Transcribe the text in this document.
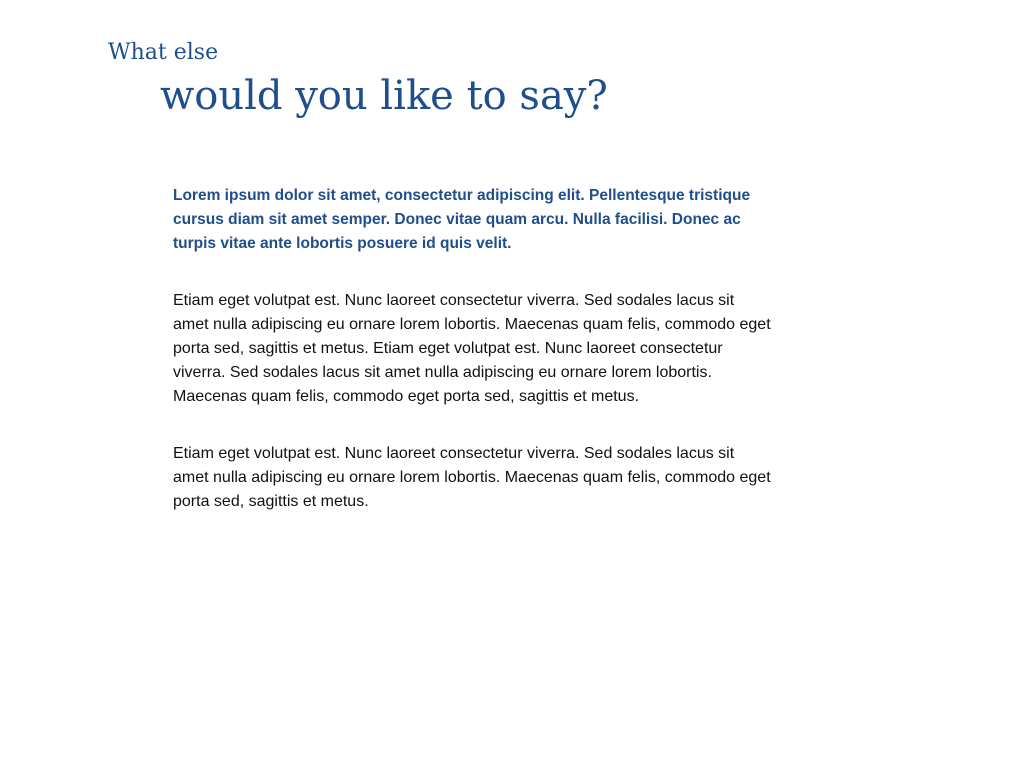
What else
would you like to say?

Lorem ipsum dolor sit amet, consectetur adipiscing elit. Pellentesque tristique cursus diam sit amet semper. Donec vitae quam arcu. Nulla facilisi. Donec ac turpis vitae ante lobortis posuere id quis velit.

Etiam eget volutpat est. Nunc laoreet consectetur viverra. Sed sodales lacus sit amet nulla adipiscing eu ornare lorem lobortis. Maecenas quam felis, commodo eget porta sed, sagittis et metus. Etiam eget volutpat est. Nunc laoreet consectetur viverra. Sed sodales lacus sit amet nulla adipiscing eu ornare lorem lobortis. Maecenas quam felis, commodo eget porta sed, sagittis et metus.

Etiam eget volutpat est. Nunc laoreet consectetur viverra. Sed sodales lacus sit amet nulla adipiscing eu ornare lorem lobortis. Maecenas quam felis, commodo eget porta sed, sagittis et metus.
